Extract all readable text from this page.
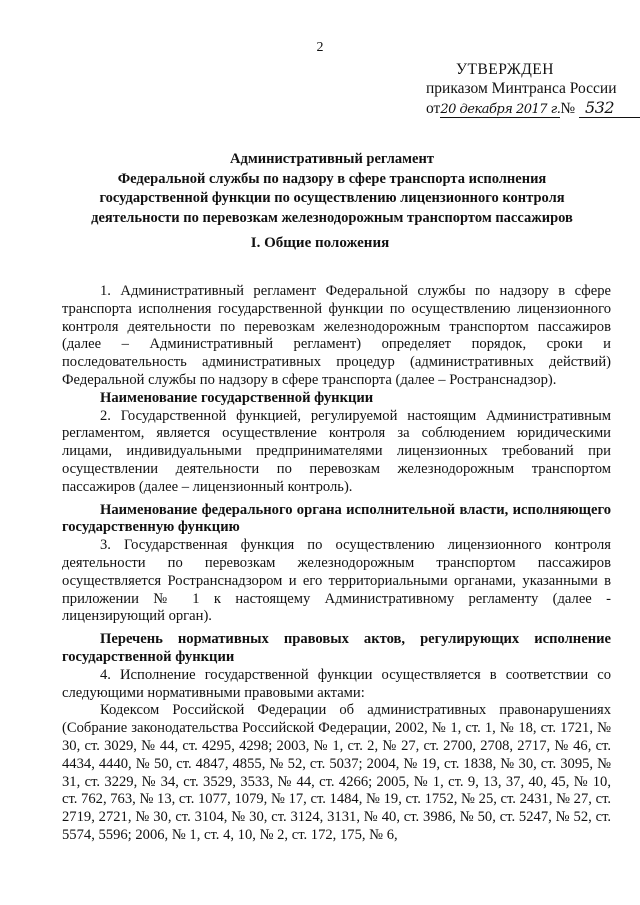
2
УТВЕРЖДЕН
приказом Минтранса России
от20 декабря 2017 г.№ 532
Административный регламент
Федеральной службы по надзору в сфере транспорта исполнения
государственной функции по осуществлению лицензионного контроля
деятельности по перевозкам железнодорожным транспортом пассажиров
I. Общие положения

1. Административный регламент Федеральной службы по надзору в сфере транспорта исполнения государственной функции по осуществлению лицензионного контроля деятельности по перевозкам железнодорожным транспортом пассажиров (далее – Административный регламент) определяет порядок, сроки и последовательность административных процедур (административных действий) Федеральной службы по надзору в сфере транспорта (далее – Ространснадзор).

Наименование государственной функции

2. Государственной функцией, регулируемой настоящим Административным регламентом, является осуществление контроля за соблюдением юридическими лицами, индивидуальными предпринимателями лицензионных требований при осуществлении деятельности по перевозкам железнодорожным транспортом пассажиров (далее – лицензионный контроль).

Наименование федерального органа исполнительной власти, исполняющего государственную функцию

3. Государственная функция по осуществлению лицензионного контроля деятельности по перевозкам железнодорожным транспортом пассажиров осуществляется Ространснадзором и его территориальными органами, указанными в приложении № 1 к настоящему Административному регламенту (далее - лицензирующий орган).

Перечень нормативных правовых актов, регулирующих исполнение государственной функции

4. Исполнение государственной функции осуществляется в соответствии со следующими нормативными правовыми актами:

Кодексом Российской Федерации об административных правонарушениях (Собрание законодательства Российской Федерации, 2002, № 1, ст. 1, № 18, ст. 1721, № 30, ст. 3029, № 44, ст. 4295, 4298; 2003, № 1, ст. 2, № 27, ст. 2700, 2708, 2717, № 46, ст. 4434, 4440, № 50, ст. 4847, 4855, № 52, ст. 5037; 2004, № 19, ст. 1838, № 30, ст. 3095, № 31, ст. 3229, № 34, ст. 3529, 3533, № 44, ст. 4266; 2005, № 1, ст. 9, 13, 37, 40, 45, № 10, ст. 762, 763, № 13, ст. 1077, 1079, № 17, ст. 1484, № 19, ст. 1752, № 25, ст. 2431, № 27, ст. 2719, 2721, № 30, ст. 3104, № 30, ст. 3124, 3131, № 40, ст. 3986, № 50, ст. 5247, № 52, ст. 5574, 5596; 2006, № 1, ст. 4, 10, № 2, ст. 172, 175, № 6,
